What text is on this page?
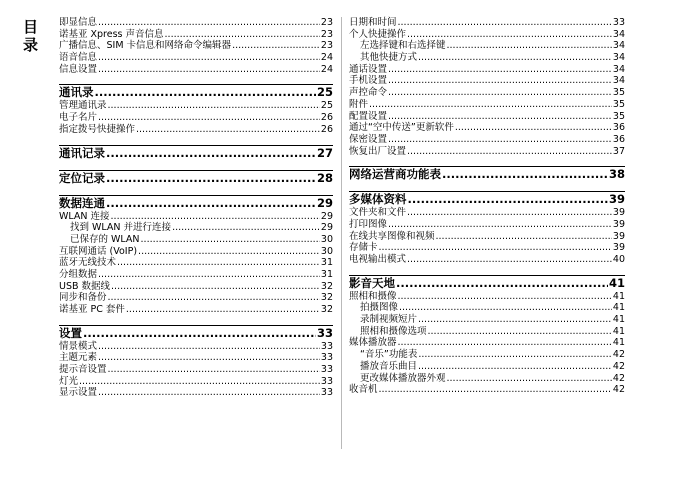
目
录
即显信息 .....	23
诺基亚 Xpress 声音信息 .....	23
广播信息、SIM 卡信息和网络命令编辑器 .....	23
语音信息 .....	24
信息设置 .....	24
通讯录 .....	25
管理通讯录 .....	25
电子名片 .....	26
指定拨号快捷操作 .....	26
通讯记录 .....	27
定位记录 .....	28
数据连通 .....	29
WLAN 连接 .....	29
找到 WLAN 并进行连接 .....	29
已保存的 WLAN .....	30
互联网通话 (VoIP) .....	30
蓝牙无线技术 .....	31
分组数据 .....	31
USB 数据线 .....	32
同步和备份 .....	32
诺基亚 PC 套件 .....	32
设置 .....	33
情景模式 .....	33
主题元素 .....	33
提示音设置 .....	33
灯光 .....	33
显示设置 .....	33
日期和时间 .....	33
个人快捷操作 .....	34
左选择键和右选择键 .....	34
其他快捷方式 .....	34
通话设置 .....	34
手机设置 .....	34
声控命令 .....	35
附件 .....	35
配置设置 .....	35
通过“空中传送”更新软件 .....	36
保密设置 .....	36
恢复出厂设置 .....	37
网络运营商功能表 .....	38
多媒体资料 .....	39
文件夹和文件 .....	39
打印图像 .....	39
在线共享图像和视频 .....	39
存储卡 .....	39
电视输出模式 .....	40
影音天地 .....	41
照相和摄像 .....	41
拍摄图像 .....	41
录制视频短片 .....	41
照相和摄像选项 .....	41
媒体播放器 .....	41
“音乐”功能表 .....	42
播放音乐曲目 .....	42
更改媒体播放器外观 .....	42
收音机 .....	42
